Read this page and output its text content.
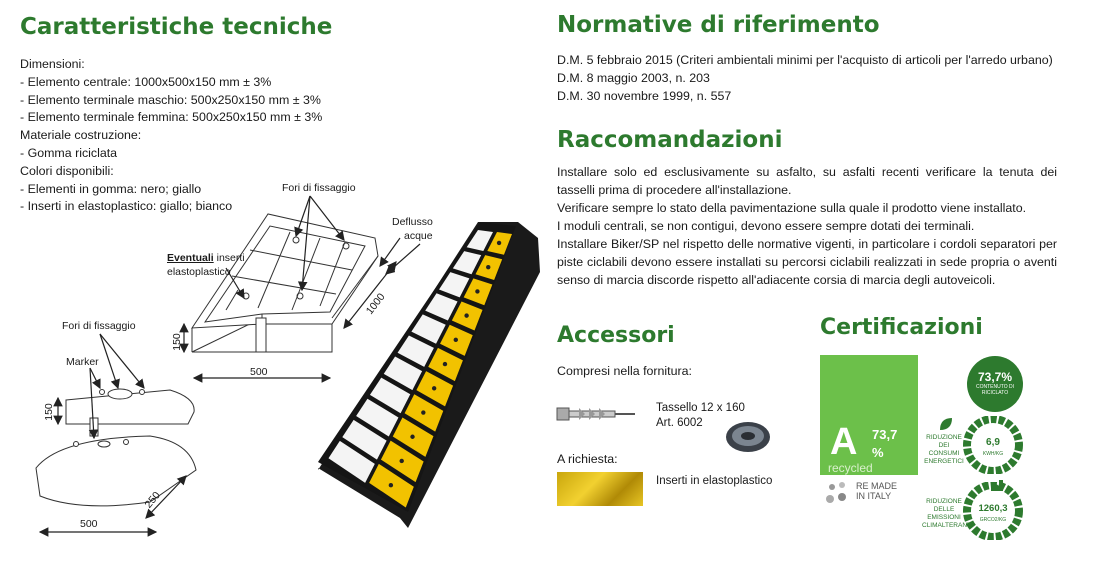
Caratteristiche tecniche
Dimensioni:
- Elemento centrale: 1000x500x150 mm ± 3%
- Elemento terminale maschio: 500x250x150 mm ± 3%
- Elemento terminale femmina: 500x250x150 mm ± 3%
Materiale costruzione:
- Gomma riciclata
Colori disponibili:
- Elementi in gomma: nero; giallo
- Inserti in elastoplastico: giallo; bianco
Fori di fissaggio
Deflusso
acque
Eventuali inserti
elastoplastico
150
500
1000
Fori di fissaggio
Marker
150
250
500
Normative di riferimento
D.M. 5 febbraio 2015 (Criteri ambientali minimi per l'acquisto di articoli per l'arredo urbano)
D.M. 8 maggio 2003, n. 203
D.M. 30 novembre 1999, n. 557
Raccomandazioni
Installare solo ed esclusivamente su asfalto, su asfalti recenti verificare la tenuta dei tasselli prima di procedere all'installazione.
Verificare sempre lo stato della pavimentazione sulla quale il prodotto viene installato.
I moduli centrali, se non contigui, devono essere sempre dotati dei terminali.
Installare Biker/SP nel rispetto delle normative vigenti, in particolare i cordoli separatori per piste ciclabili devono essere installati su percorsi ciclabili realizzati in sede propria o aventi senso di marcia discorde rispetto all'adiacente corsia di marcia degli autoveicoli.
Accessori
Compresi nella fornitura:
Tassello 12 x 160
Art. 6002
A richiesta:
Inserti in elastoplastico
Certificazioni
A 73,7
%
recycled
RE MADE
IN ITALY
73,7%
CONTENUTO DI
RICICLATO
RIDUZIONE DEI
CONSUMI
ENERGETICI
6,9
KWH/KG
RIDUZIONE DELLE
EMISSIONI
CLIMALTERANTI
1260,3
GRCO2/KG
